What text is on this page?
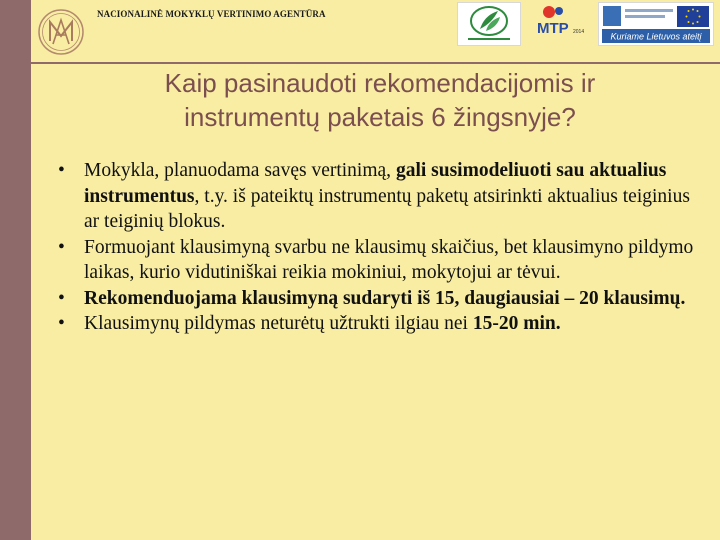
NACIONALINĖ MOKYKLŲ VERTINIMO AGENTŪRA

MTP 2014	Kuriame Lietuvos ateitį
Kaip pasinaudoti rekomendacijomis ir
instrumentų paketais 6 žingsnyje?
• Mokykla, planuodama savęs vertinimą, gali susimodeliuoti sau aktualius instrumentus, t.y. iš pateiktų instrumentų paketų atsirinkti aktualius teiginius ar teiginių blokus.
• Formuojant klausimyną svarbu ne klausimų skaičius, bet klausimyno pildymo laikas, kurio vidutiniškai reikia mokiniui, mokytojui ar tėvui.
• Rekomenduojama klausimyną sudaryti iš 15, daugiausiai – 20 klausimų.
• Klausimynų pildymas neturėtų užtrukti ilgiau nei 15-20 min.
